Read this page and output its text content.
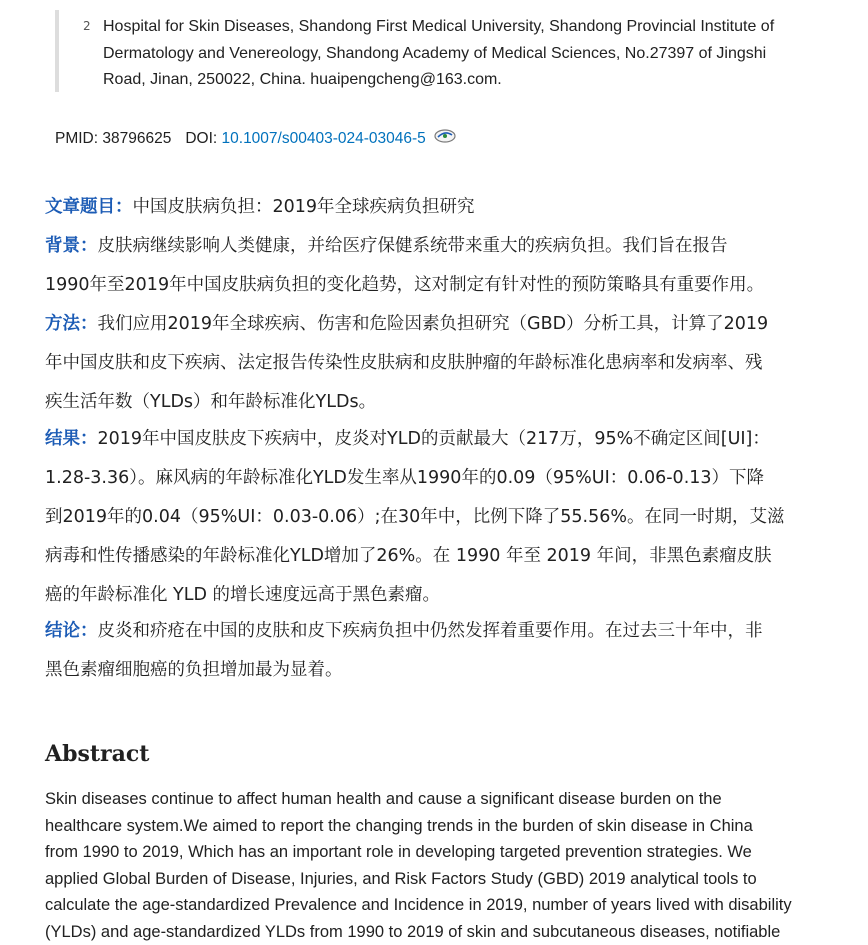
2 Hospital for Skin Diseases, Shandong First Medical University, Shandong Provincial Institute of
Dermatology and Venereology, Shandong Academy of Medical Sciences, No.27397 of Jingshi
Road, Jinan, 250022, China. huaipengcheng@163.com.
PMID: 38796625 DOI: 10.1007/s00403-024-03046-5
文章题目：中国皮肤病负担：2019年全球疾病负担研究
背景：皮肤病继续影响人类健康，并给医疗保健系统带来重大的疾病负担。我们旨在报告
1990年至2019年中国皮肤病负担的变化趋势，这对制定有针对性的预防策略具有重要作用。
方法：我们应用2019年全球疾病、伤害和危险因素负担研究（GBD）分析工具，计算了2019
年中国皮肤和皮下疾病、法定报告传染性皮肤病和皮肤肿瘤的年龄标准化患病率和发病率、残
疾生活年数（YLDs）和年龄标准化YLDs。
结果：2019年中国皮肤皮下疾病中，皮炎对YLD的贡献最大（217万，95%不确定区间[UI]：
1.28-3.36）。麻风病的年龄标准化YLD发生率从1990年的0.09（95%UI：0.06-0.13）下降
到2019年的0.04（95%UI：0.03-0.06）;在30年中，比例下降了55.56%。在同一时期，艾滋
病毒和性传播感染的年龄标准化YLD增加了26%。在 1990 年至 2019 年间，非黑色素瘤皮肤
癌的年龄标准化 YLD 的增长速度远高于黑色素瘤。
结论：皮炎和疥疮在中国的皮肤和皮下疾病负担中仍然发挥着重要作用。在过去三十年中，非
黑色素瘤细胞癌的负担增加最为显着。
Abstract
Skin diseases continue to affect human health and cause a significant disease burden on the
healthcare system.We aimed to report the changing trends in the burden of skin disease in China
from 1990 to 2019, Which has an important role in developing targeted prevention strategies. We
applied Global Burden of Disease, Injuries, and Risk Factors Study (GBD) 2019 analytical tools to
calculate the age-standardized Prevalence and Incidence in 2019, number of years lived with disability
(YLDs) and age-standardized YLDs from 1990 to 2019 of skin and subcutaneous diseases, notifiable
